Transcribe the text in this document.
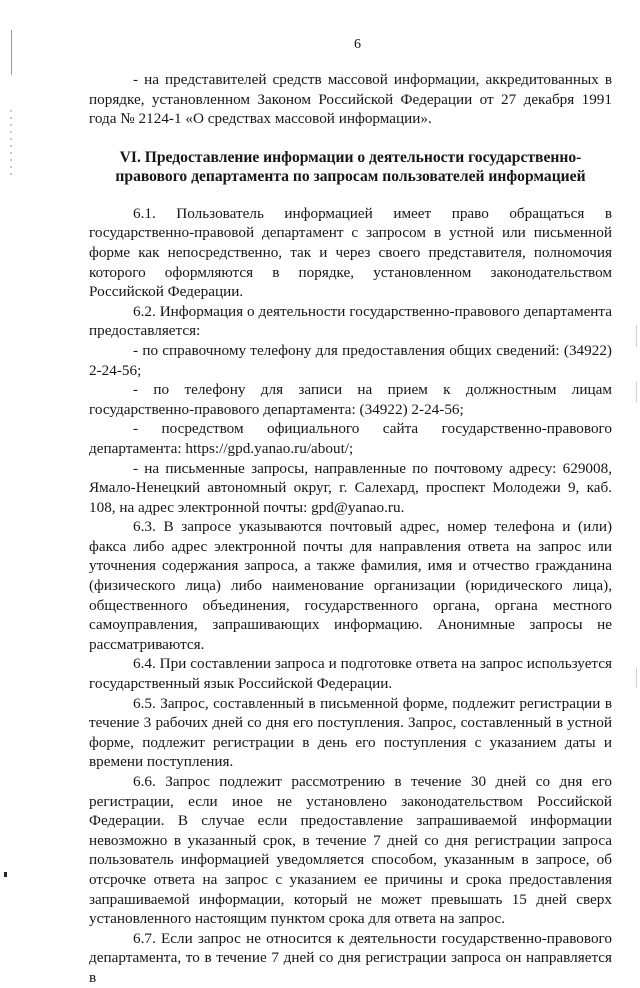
6

- на представителей средств массовой информации, аккредитованных в порядке, установленном Законом Российской Федерации от 27 декабря 1991 года № 2124-1 «О средствах массовой информации».

VI. Предоставление информации о деятельности государственно-правового департамента по запросам пользователей информацией

6.1. Пользователь информацией имеет право обращаться в государственно-правовой департамент с запросом в устной или письменной форме как непосредственно, так и через своего представителя, полномочия которого оформляются в порядке, установленном законодательством Российской Федерации.

6.2. Информация о деятельности государственно-правового департамента предоставляется:

- по справочному телефону для предоставления общих сведений: (34922) 2-24-56;

- по телефону для записи на прием к должностным лицам государственно-правового департамента: (34922) 2-24-56;

- посредством официального сайта государственно-правового департамента: https://gpd.yanao.ru/about/;

- на письменные запросы, направленные по почтовому адресу: 629008, Ямало-Ненецкий автономный округ, г. Салехард, проспект Молодежи 9, каб. 108, на адрес электронной почты: gpd@yanao.ru.

6.3. В запросе указываются почтовый адрес, номер телефона и (или) факса либо адрес электронной почты для направления ответа на запрос или уточнения содержания запроса, а также фамилия, имя и отчество гражданина (физического лица) либо наименование организации (юридического лица), общественного объединения, государственного органа, органа местного самоуправления, запрашивающих информацию. Анонимные запросы не рассматриваются.

6.4. При составлении запроса и подготовке ответа на запрос используется государственный язык Российской Федерации.

6.5. Запрос, составленный в письменной форме, подлежит регистрации в течение 3 рабочих дней со дня его поступления. Запрос, составленный в устной форме, подлежит регистрации в день его поступления с указанием даты и времени поступления.

6.6. Запрос подлежит рассмотрению в течение 30 дней со дня его регистрации, если иное не установлено законодательством Российской Федерации. В случае если предоставление запрашиваемой информации невозможно в указанный срок, в течение 7 дней со дня регистрации запроса пользователь информацией уведомляется способом, указанным в запросе, об отсрочке ответа на запрос с указанием ее причины и срока предоставления запрашиваемой информации, который не может превышать 15 дней сверх установленного настоящим пунктом срока для ответа на запрос.

6.7. Если запрос не относится к деятельности государственно-правового департамента, то в течение 7 дней со дня регистрации запроса он направляется в
